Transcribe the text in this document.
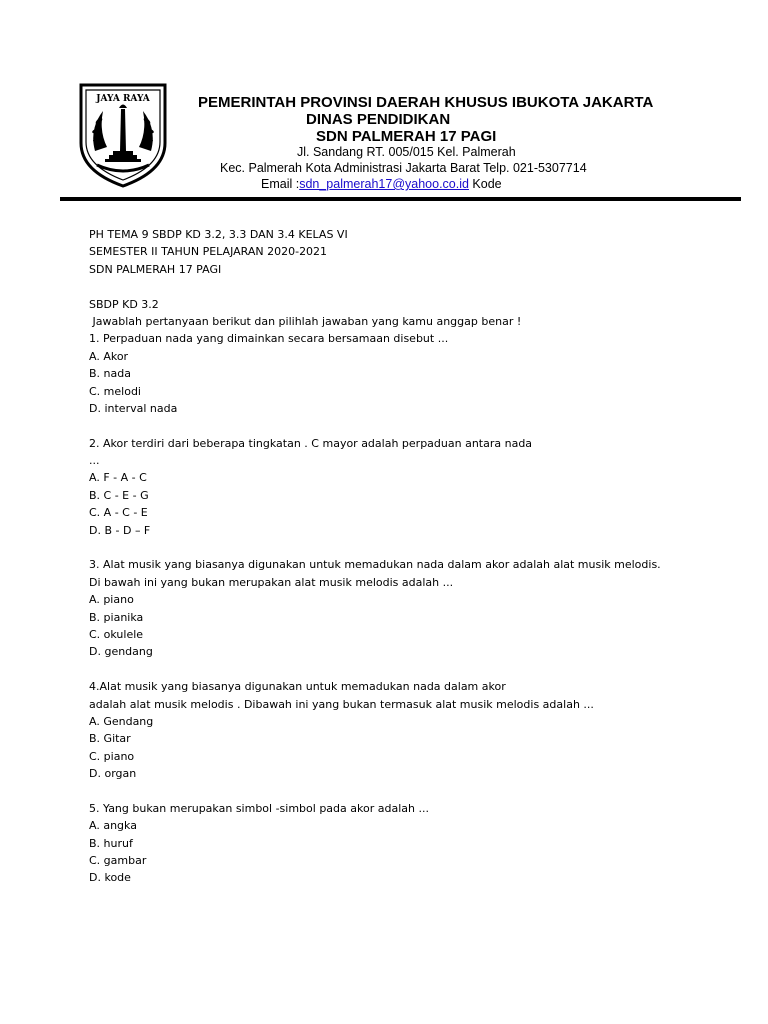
JAYA RAYA	PEMERINTAH PROVINSI DAERAH KHUSUS IBUKOTA JAKARTA
DINAS PENDIDIKAN
SDN PALMERAH 17 PAGI
Jl. Sandang RT. 005/015 Kel. Palmerah
Kec. Palmerah Kota Administrasi Jakarta Barat Telp. 021-5307714
Email :sdn_palmerah17@yahoo.co.id Kode
PH TEMA 9 SBDP KD 3.2, 3.3 DAN 3.4 KELAS VI
SEMESTER II TAHUN PELAJARAN 2020-2021
SDN PALMERAH 17 PAGI
SBDP KD 3.2
Jawablah pertanyaan berikut dan pilihlah jawaban yang kamu anggap benar !
1. Perpaduan nada yang dimainkan secara bersamaan disebut ...
A. Akor
B. nada
C. melodi
D. interval nada
2. Akor terdiri dari beberapa tingkatan . C mayor adalah perpaduan antara nada
...
A. F - A - C
B. C - E - G
C. A - C - E
D. B - D – F
3. Alat musik yang biasanya digunakan untuk memadukan nada dalam akor adalah alat musik melodis.
Di bawah ini yang bukan merupakan alat musik melodis adalah ...
A. piano
B. pianika
C. okulele
D. gendang
4.Alat musik yang biasanya digunakan untuk memadukan nada dalam akor
adalah alat musik melodis . Dibawah ini yang bukan termasuk alat musik melodis adalah ...
A. Gendang
B. Gitar
C. piano
D. organ
5. Yang bukan merupakan simbol -simbol pada akor adalah ...
A. angka
B. huruf
C. gambar
D. kode
